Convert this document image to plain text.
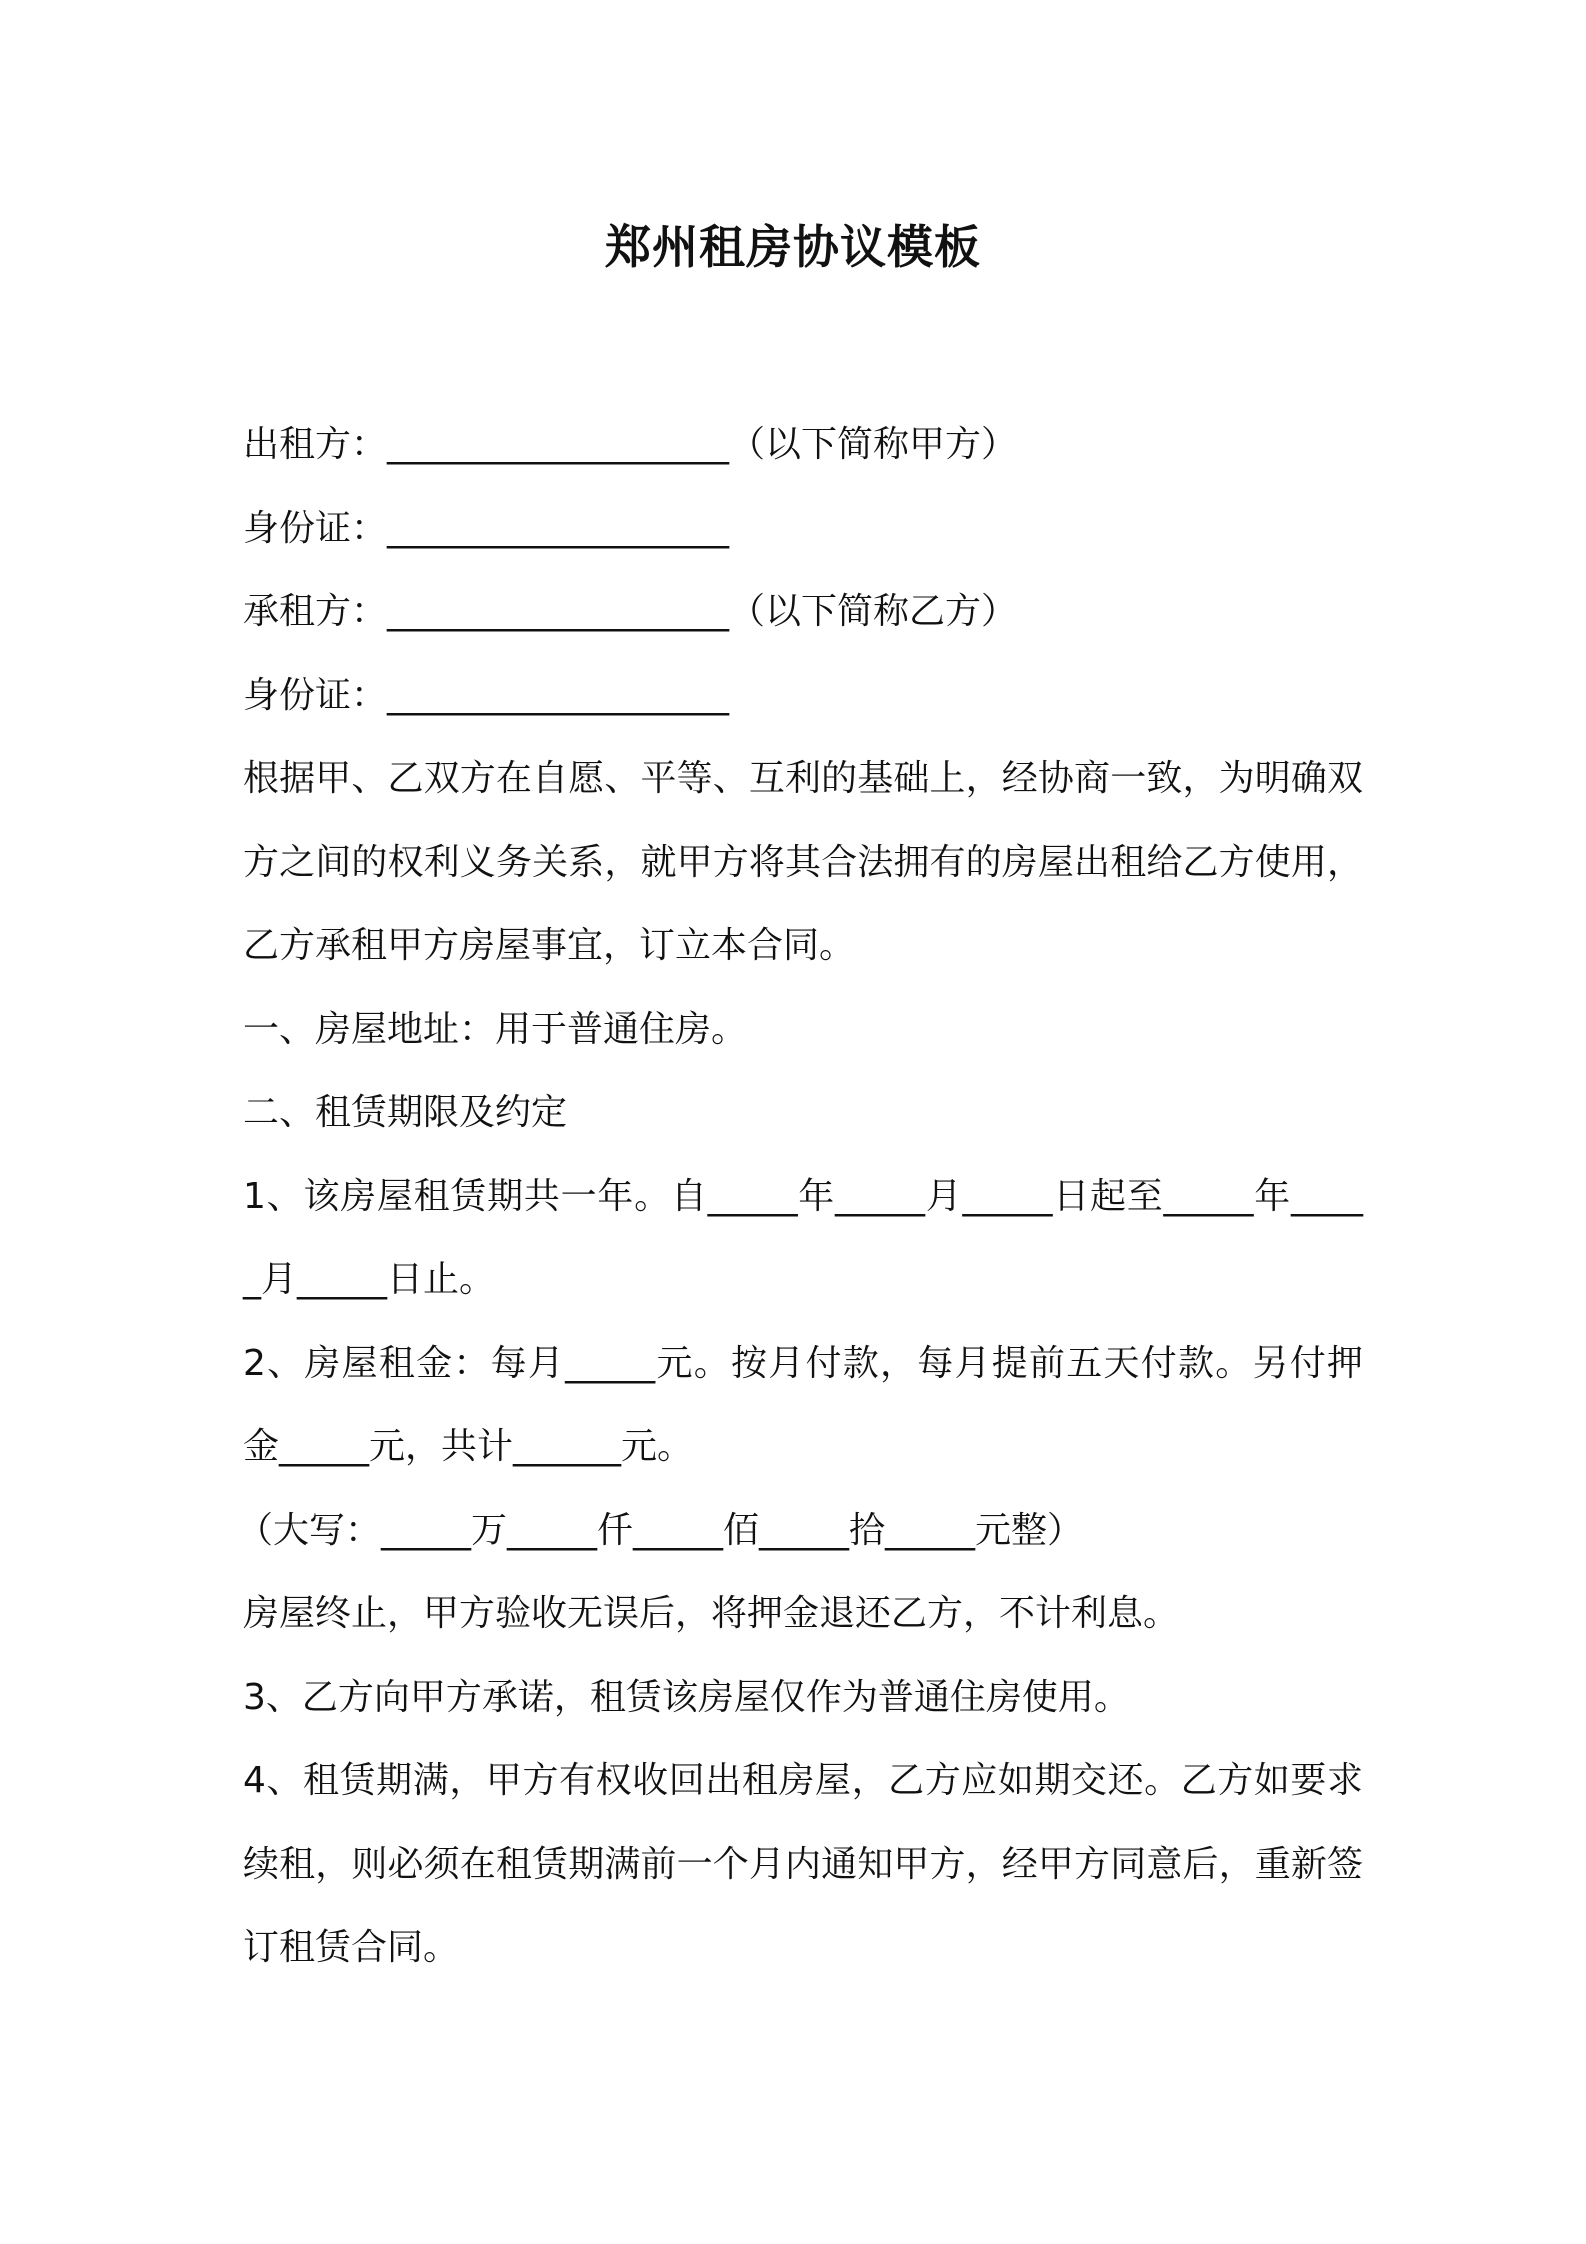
郑州租房协议模板

出租方：___________________（以下简称甲方）

身份证：___________________

承租方：___________________（以下简称乙方）

身份证：___________________

根据甲、乙双方在自愿、平等、互利的基础上，经协商一致，为明确双方之间的权利义务关系，就甲方将其合法拥有的房屋出租给乙方使用，乙方承租甲方房屋事宜，订立本合同。

一、房屋地址：用于普通住房。

二、租赁期限及约定

1、该房屋租赁期共一年。自_____年_____月_____日起至_____年_____月_____日止。

2、房屋租金：每月_____元。按月付款，每月提前五天付款。另付押金_____元，共计______元。

（大写：_____万_____仟_____佰_____拾_____元整）

房屋终止，甲方验收无误后，将押金退还乙方，不计利息。

3、乙方向甲方承诺，租赁该房屋仅作为普通住房使用。

4、租赁期满，甲方有权收回出租房屋，乙方应如期交还。乙方如要求续租，则必须在租赁期满前一个月内通知甲方，经甲方同意后，重新签订租赁合同。
